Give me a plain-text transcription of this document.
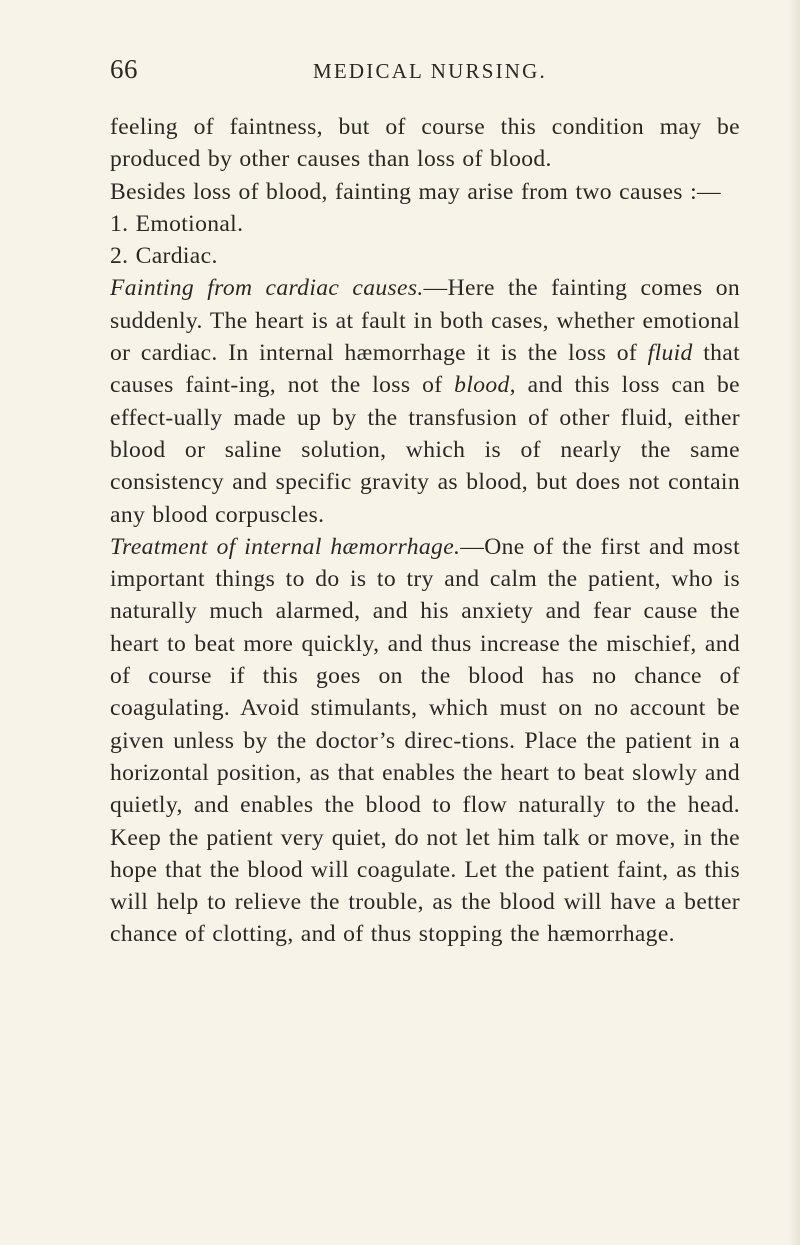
66	MEDICAL NURSING.

feeling of faintness, but of course this condition may be produced by other causes than loss of blood.

Besides loss of blood, fainting may arise from two causes :—

1. Emotional.

2. Cardiac.

Fainting from cardiac causes.—Here the fainting comes on suddenly. The heart is at fault in both cases, whether emotional or cardiac. In internal hæmorrhage it is the loss of fluid that causes faint-ing, not the loss of blood, and this loss can be effect-ually made up by the transfusion of other fluid, either blood or saline solution, which is of nearly the same consistency and specific gravity as blood, but does not contain any blood corpuscles.

Treatment of internal hæmorrhage.—One of the first and most important things to do is to try and calm the patient, who is naturally much alarmed, and his anxiety and fear cause the heart to beat more quickly, and thus increase the mischief, and of course if this goes on the blood has no chance of coagulating. Avoid stimulants, which must on no account be given unless by the doctor’s direc-tions. Place the patient in a horizontal position, as that enables the heart to beat slowly and quietly, and enables the blood to flow naturally to the head. Keep the patient very quiet, do not let him talk or move, in the hope that the blood will coagulate. Let the patient faint, as this will help to relieve the trouble, as the blood will have a better chance of clotting, and of thus stopping the hæmorrhage.
